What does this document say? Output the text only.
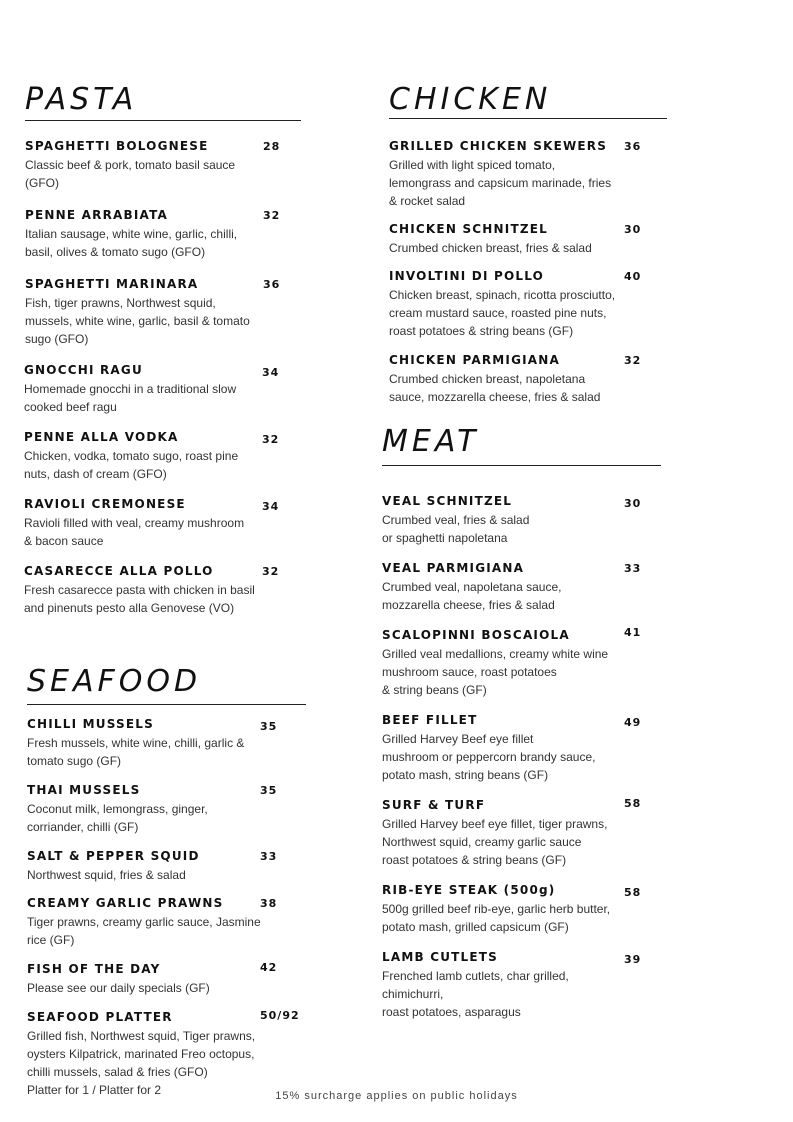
PASTA
SPAGHETTI BOLOGNESE	28
Classic beef & pork, tomato basil sauce
(GFO)
PENNE ARRABIATA	32
Italian sausage, white wine, garlic, chilli,
basil, olives & tomato sugo (GFO)
SPAGHETTI MARINARA	36
Fish, tiger prawns, Northwest squid,
mussels, white wine, garlic, basil & tomato
sugo (GFO)
GNOCCHI RAGU	34
Homemade gnocchi in a traditional slow
cooked beef ragu
PENNE ALLA VODKA	32
Chicken, vodka, tomato sugo, roast pine
nuts, dash of cream (GFO)
RAVIOLI CREMONESE	34
Ravioli filled with veal, creamy mushroom
& bacon sauce
CASARECCE ALLA POLLO	32
Fresh casarecce pasta with chicken in basil
and pinenuts pesto alla Genovese (VO)
CHICKEN
GRILLED CHICKEN SKEWERS 36
Grilled with light spiced tomato,
lemongrass and capsicum marinade, fries
& rocket salad
CHICKEN SCHNITZEL	30
Crumbed chicken breast, fries & salad
INVOLTINI DI POLLO	40
Chicken breast, spinach, ricotta prosciutto,
cream mustard sauce, roasted pine nuts,
roast potatoes & string beans (GF)
CHICKEN PARMIGIANA	32
Crumbed chicken breast, napoletana
sauce, mozzarella cheese, fries & salad
MEAT
VEAL SCHNITZEL	30
Crumbed veal, fries & salad
or spaghetti napoletana
VEAL PARMIGIANA	33
Crumbed veal, napoletana sauce,
mozzarella cheese, fries & salad
SCALOPINNI BOSCAIOLA	41
Grilled veal medallions, creamy white wine
mushroom sauce, roast potatoes
& string beans (GF)
BEEF FILLET	49
Grilled Harvey Beef eye fillet
mushroom or peppercorn brandy sauce,
potato mash, string beans (GF)
SURF & TURF	58
Grilled Harvey beef eye fillet, tiger prawns,
Northwest squid, creamy garlic sauce
roast potatoes & string beans (GF)
RIB-EYE STEAK (500g)	58
500g grilled beef rib-eye, garlic herb butter,
potato mash, grilled capsicum (GF)
LAMB CUTLETS	39
Frenched lamb cutlets, char grilled,
chimichurri,
roast potatoes, asparagus
SEAFOOD
CHILLI MUSSELS	35
Fresh mussels, white wine, chilli, garlic &
tomato sugo (GF)
THAI MUSSELS	35
Coconut milk, lemongrass, ginger,
corriander, chilli (GF)
SALT & PEPPER SQUID	33
Northwest squid, fries & salad
CREAMY GARLIC PRAWNS	38
Tiger prawns, creamy garlic sauce, Jasmine
rice (GF)
FISH OF THE DAY	42
Please see our daily specials (GF)
SEAFOOD PLATTER	50/92
Grilled fish, Northwest squid, Tiger prawns,
oysters Kilpatrick, marinated Freo octopus,
chilli mussels, salad & fries (GFO)
Platter for 1 / Platter for 2	15% surcharge applies on public holidays
